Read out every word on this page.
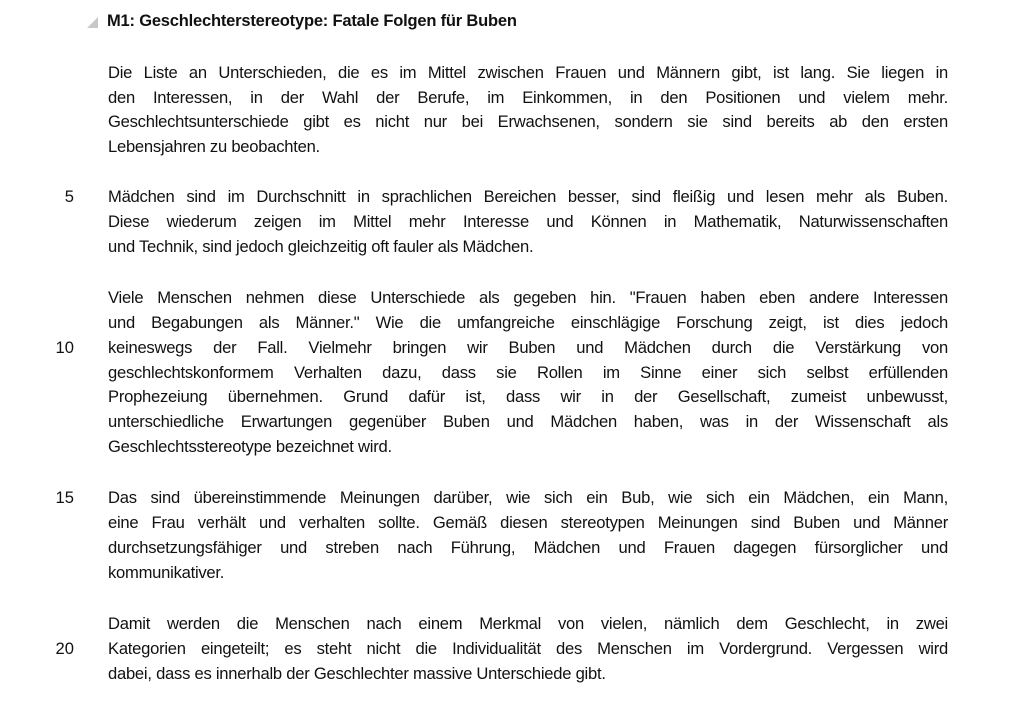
M1: Geschlechterstereotype: Fatale Folgen für Buben
Die Liste an Unterschieden, die es im Mittel zwischen Frauen und Männern gibt, ist lang. Sie liegen in
den Interessen, in der Wahl der Berufe, im Einkommen, in den Positionen und vielem mehr.
Geschlechtsunterschiede gibt es nicht nur bei Erwachsenen, sondern sie sind bereits ab den ersten
Lebensjahren zu beobachten.
5 Mädchen sind im Durchschnitt in sprachlichen Bereichen besser, sind fleißig und lesen mehr als Buben.
Diese wiederum zeigen im Mittel mehr Interesse und Können in Mathematik, Naturwissenschaften
und Technik, sind jedoch gleichzeitig oft fauler als Mädchen.
Viele Menschen nehmen diese Unterschiede als gegeben hin. "Frauen haben eben andere Interessen
und Begabungen als Männer." Wie die umfangreiche einschlägige Forschung zeigt, ist dies jedoch
10 keineswegs der Fall. Vielmehr bringen wir Buben und Mädchen durch die Verstärkung von
geschlechtskonformem Verhalten dazu, dass sie Rollen im Sinne einer sich selbst erfüllenden
Prophezeiung übernehmen. Grund dafür ist, dass wir in der Gesellschaft, zumeist unbewusst,
unterschiedliche Erwartungen gegenüber Buben und Mädchen haben, was in der Wissenschaft als
Geschlechtsstereotype bezeichnet wird.
15 Das sind übereinstimmende Meinungen darüber, wie sich ein Bub, wie sich ein Mädchen, ein Mann,
eine Frau verhält und verhalten sollte. Gemäß diesen stereotypen Meinungen sind Buben und Männer
durchsetzungsfähiger und streben nach Führung, Mädchen und Frauen dagegen fürsorglicher und
kommunikativer.
Damit werden die Menschen nach einem Merkmal von vielen, nämlich dem Geschlecht, in zwei
20 Kategorien eingeteilt; es steht nicht die Individualität des Menschen im Vordergrund. Vergessen wird
dabei, dass es innerhalb der Geschlechter massive Unterschiede gibt.
